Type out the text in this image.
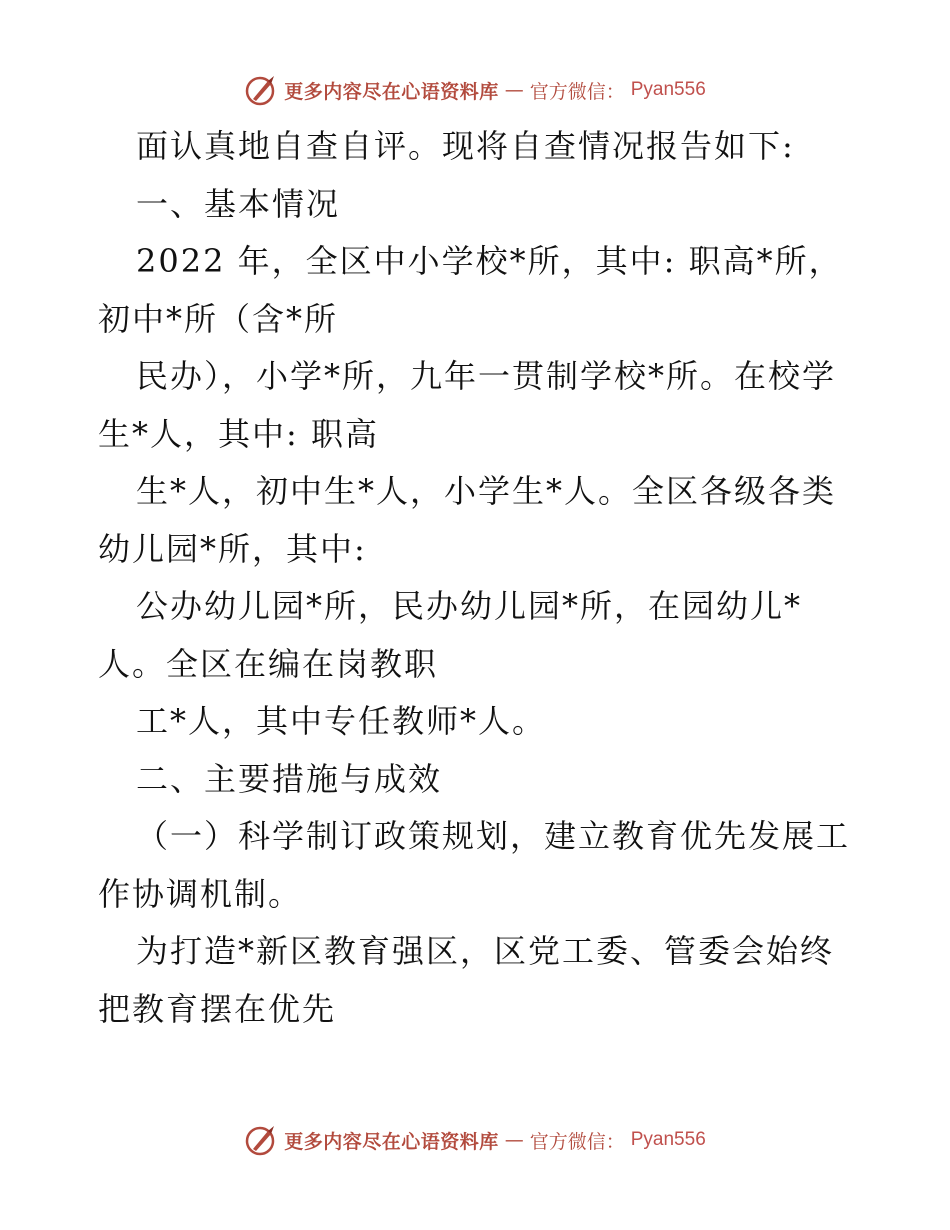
更多内容尽在心语资料库 — 官方微信： Pyan556
面认真地自查自评。现将自查情况报告如下:
一、基本情况
2022 年，全区中小学校*所，其中: 职高*所，
初中*所（含*所
民办），小学*所，九年一贯制学校*所。在校学
生*人，其中: 职高
生*人，初中生*人，小学生*人。全区各级各类
幼儿园*所，其中:
公办幼儿园*所，民办幼儿园*所，在园幼儿*
人。全区在编在岗教职
工*人，其中专任教师*人。
二、主要措施与成效
（一）科学制订政策规划，建立教育优先发展工
作协调机制。
为打造*新区教育强区，区党工委、管委会始终
把教育摆在优先
更多内容尽在心语资料库 — 官方微信： Pyan556
